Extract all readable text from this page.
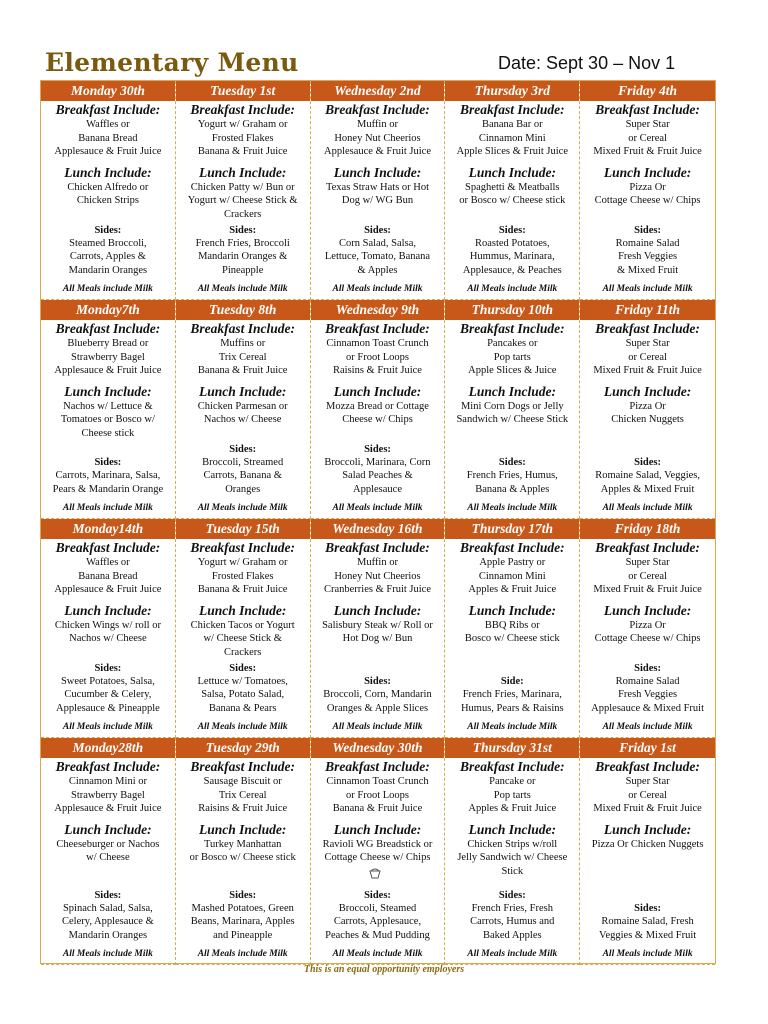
Elementary Menu	Date: Sept 30 – Nov 1
Monday 30th
Breakfast Include:
Waffles or
Banana Bread
Applesauce & Fruit Juice
Lunch Include:
Chicken Alfredo or
Chicken Strips
Sides:
Steamed Broccoli,
Carrots, Apples &
Mandarin Oranges
All Meals include Milk
Tuesday 1st
Breakfast Include:
Yogurt w/ Graham or
Frosted Flakes
Banana & Fruit Juice
Lunch Include:
Chicken Patty w/ Bun or
Yogurt w/ Cheese Stick &
Crackers
Sides:
French Fries, Broccoli
Mandarin Oranges &
Pineapple
All Meals include Milk
Wednesday 2nd
Breakfast Include:
Muffin or
Honey Nut Cheerios
Applesauce & Fruit Juice
Lunch Include:
Texas Straw Hats or Hot
Dog w/ WG Bun
Sides:
Corn Salad, Salsa,
Lettuce, Tomato, Banana
& Apples
All Meals include Milk
Thursday 3rd
Breakfast Include:
Banana Bar or
Cinnamon Mini
Apple Slices & Fruit Juice
Lunch Include:
Spaghetti & Meatballs
or Bosco w/ Cheese stick
Sides:
Roasted Potatoes,
Hummus, Marinara,
Applesauce, & Peaches
All Meals include Milk
Friday 4th
Breakfast Include:
Super Star
or Cereal
Mixed Fruit & Fruit Juice
Lunch Include:
Pizza Or
Cottage Cheese w/ Chips
Sides:
Romaine Salad
Fresh Veggies
& Mixed Fruit
All Meals include Milk
Monday7th
Breakfast Include:
Blueberry Bread or
Strawberry Bagel
Applesauce & Fruit Juice
Lunch Include:
Nachos w/ Lettuce &
Tomatoes or Bosco w/
Cheese stick
Sides:
Carrots, Marinara, Salsa,
Pears & Mandarin Orange
All Meals include Milk
Tuesday 8th
Breakfast Include:
Muffins or
Trix Cereal
Banana & Fruit Juice
Lunch Include:
Chicken Parmesan or
Nachos w/ Cheese
Sides:
Broccoli, Streamed
Carrots, Banana &
Oranges
All Meals include Milk
Wednesday 9th
Breakfast Include:
Cinnamon Toast Crunch
or Froot Loops
Raisins & Fruit Juice
Lunch Include:
Mozza Bread or Cottage
Cheese w/ Chips
Sides:
Broccoli, Marinara, Corn
Salad Peaches &
Applesauce
All Meals include Milk
Thursday 10th
Breakfast Include:
Pancakes or
Pop tarts
Apple Slices & Juice
Lunch Include:
Mini Corn Dogs or Jelly
Sandwich w/ Cheese Stick
Sides:
French Fries, Humus,
Banana & Apples
All Meals include Milk
Friday 11th
Breakfast Include:
Super Star
or Cereal
Mixed Fruit & Fruit Juice
Lunch Include:
Pizza Or
Chicken Nuggets
Sides:
Romaine Salad, Veggies,
Apples & Mixed Fruit
All Meals include Milk
Monday14th
Breakfast Include:
Waffles or
Banana Bread
Applesauce & Fruit Juice
Lunch Include:
Chicken Wings w/ roll or
Nachos w/ Cheese
Sides:
Sweet Potatoes, Salsa,
Cucumber & Celery,
Applesauce & Pineapple
All Meals include Milk
Tuesday 15th
Breakfast Include:
Yogurt w/ Graham or
Frosted Flakes
Banana & Fruit Juice
Lunch Include:
Chicken Tacos or Yogurt
w/ Cheese Stick &
Crackers
Sides:
Lettuce w/ Tomatoes,
Salsa, Potato Salad,
Banana & Pears
All Meals include Milk
Wednesday 16th
Breakfast Include:
Muffin or
Honey Nut Cheerios
Cranberries & Fruit Juice
Lunch Include:
Salisbury Steak w/ Roll or
Hot Dog w/ Bun
Sides:
Broccoli, Corn, Mandarin
Oranges & Apple Slices
All Meals include Milk
Thursday 17th
Breakfast Include:
Apple Pastry or
Cinnamon Mini
Apples & Fruit Juice
Lunch Include:
BBQ Ribs or
Bosco w/ Cheese stick
Side:
French Fries, Marinara,
Humus, Pears & Raisins
All Meals include Milk
Friday 18th
Breakfast Include:
Super Star
or Cereal
Mixed Fruit & Fruit Juice
Lunch Include:
Pizza Or
Cottage Cheese w/ Chips
Sides:
Romaine Salad
Fresh Veggies
Applesauce & Mixed Fruit
All Meals include Milk
Monday28th
Breakfast Include:
Cinnamon Mini or
Strawberry Bagel
Applesauce & Fruit Juice
Lunch Include:
Cheeseburger or Nachos
w/ Cheese
Sides:
Spinach Salad, Salsa,
Celery, Applesauce &
Mandarin Oranges
All Meals include Milk
Tuesday 29th
Breakfast Include:
Sausage Biscuit or
Trix Cereal
Raisins & Fruit Juice
Lunch Include:
Turkey Manhattan
or Bosco w/ Cheese stick
Sides:
Mashed Potatoes, Green
Beans, Marinara, Apples
and Pineapple
All Meals include Milk
Wednesday 30th
Breakfast Include:
Cinnamon Toast Crunch
or Froot Loops
Banana & Fruit Juice
Lunch Include:
Ravioli WG Breadstick or
Cottage Cheese w/ Chips
Sides:
Broccoli, Steamed
Carrots, Applesauce,
Peaches & Mud Pudding
All Meals include Milk
Thursday 31st
Breakfast Include:
Pancake or
Pop tarts
Apples & Fruit Juice
Lunch Include:
Chicken Strips w/roll
Jelly Sandwich w/ Cheese
Stick
Sides:
French Fries, Fresh
Carrots, Humus and
Baked Apples
All Meals include Milk
Friday 1st
Breakfast Include:
Super Star
or Cereal
Mixed Fruit & Fruit Juice
Lunch Include:
Pizza Or Chicken Nuggets
Sides:
Romaine Salad, Fresh
Veggies & Mixed Fruit
All Meals include Milk
This is an equal opportunity employers
